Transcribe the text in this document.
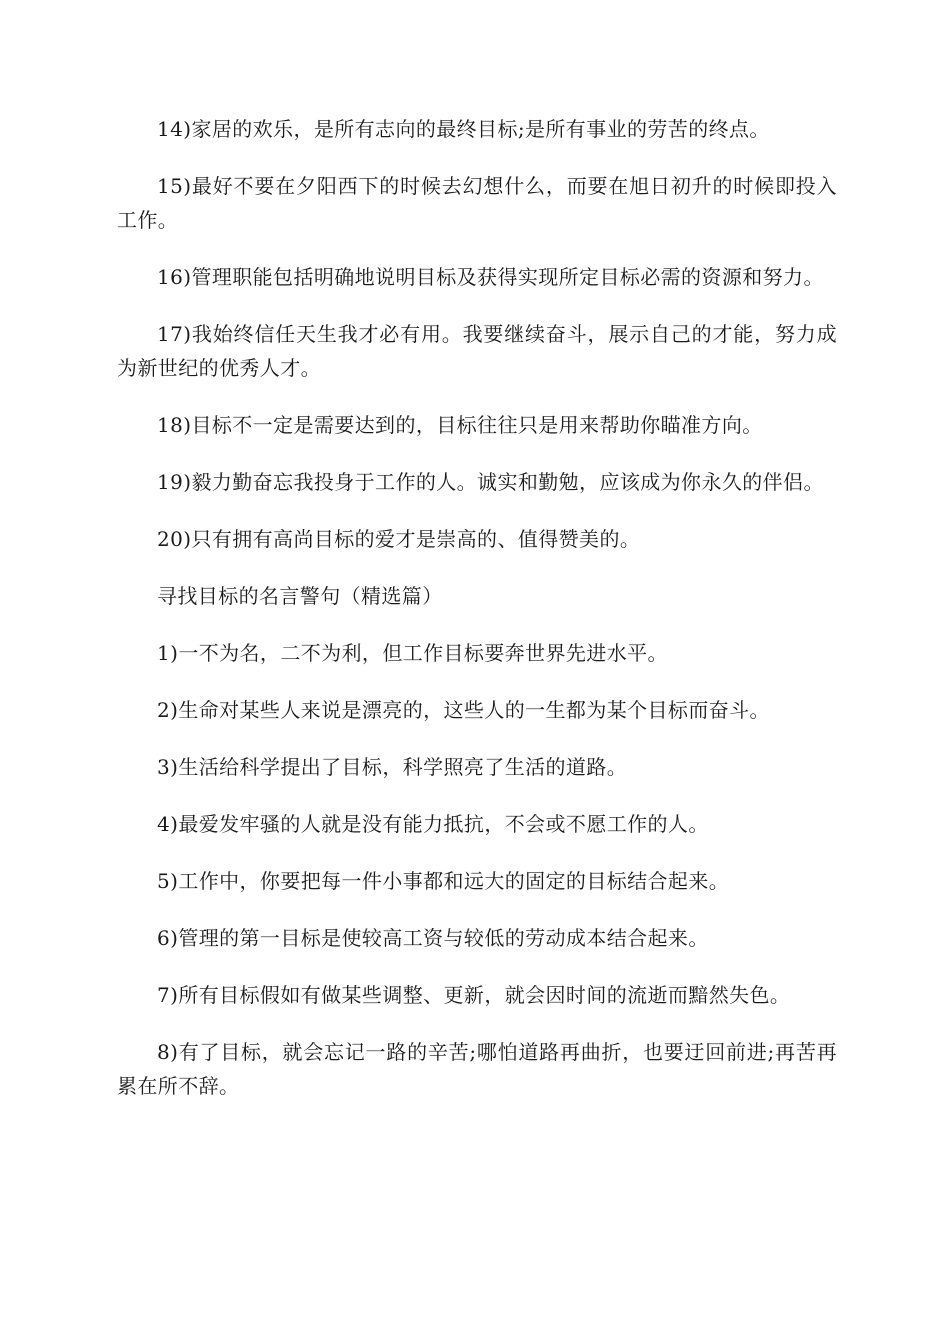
14)家居的欢乐，是所有志向的最终目标;是所有事业的劳苦的终点。

15)最好不要在夕阳西下的时候去幻想什么，而要在旭日初升的时候即投入工作。

16)管理职能包括明确地说明目标及获得实现所定目标必需的资源和努力。

17)我始终信任天生我才必有用。我要继续奋斗，展示自己的才能，努力成为新世纪的优秀人才。

18)目标不一定是需要达到的，目标往往只是用来帮助你瞄准方向。

19)毅力勤奋忘我投身于工作的人。诚实和勤勉，应该成为你永久的伴侣。

20)只有拥有高尚目标的爱才是崇高的、值得赞美的。

寻找目标的名言警句（精选篇）

1)一不为名，二不为利，但工作目标要奔世界先进水平。

2)生命对某些人来说是漂亮的，这些人的一生都为某个目标而奋斗。

3)生活给科学提出了目标，科学照亮了生活的道路。

4)最爱发牢骚的人就是没有能力抵抗，不会或不愿工作的人。

5)工作中，你要把每一件小事都和远大的固定的目标结合起来。

6)管理的第一目标是使较高工资与较低的劳动成本结合起来。

7)所有目标假如有做某些调整、更新，就会因时间的流逝而黯然失色。

8)有了目标，就会忘记一路的辛苦;哪怕道路再曲折，也要迂回前进;再苦再累在所不辞。
